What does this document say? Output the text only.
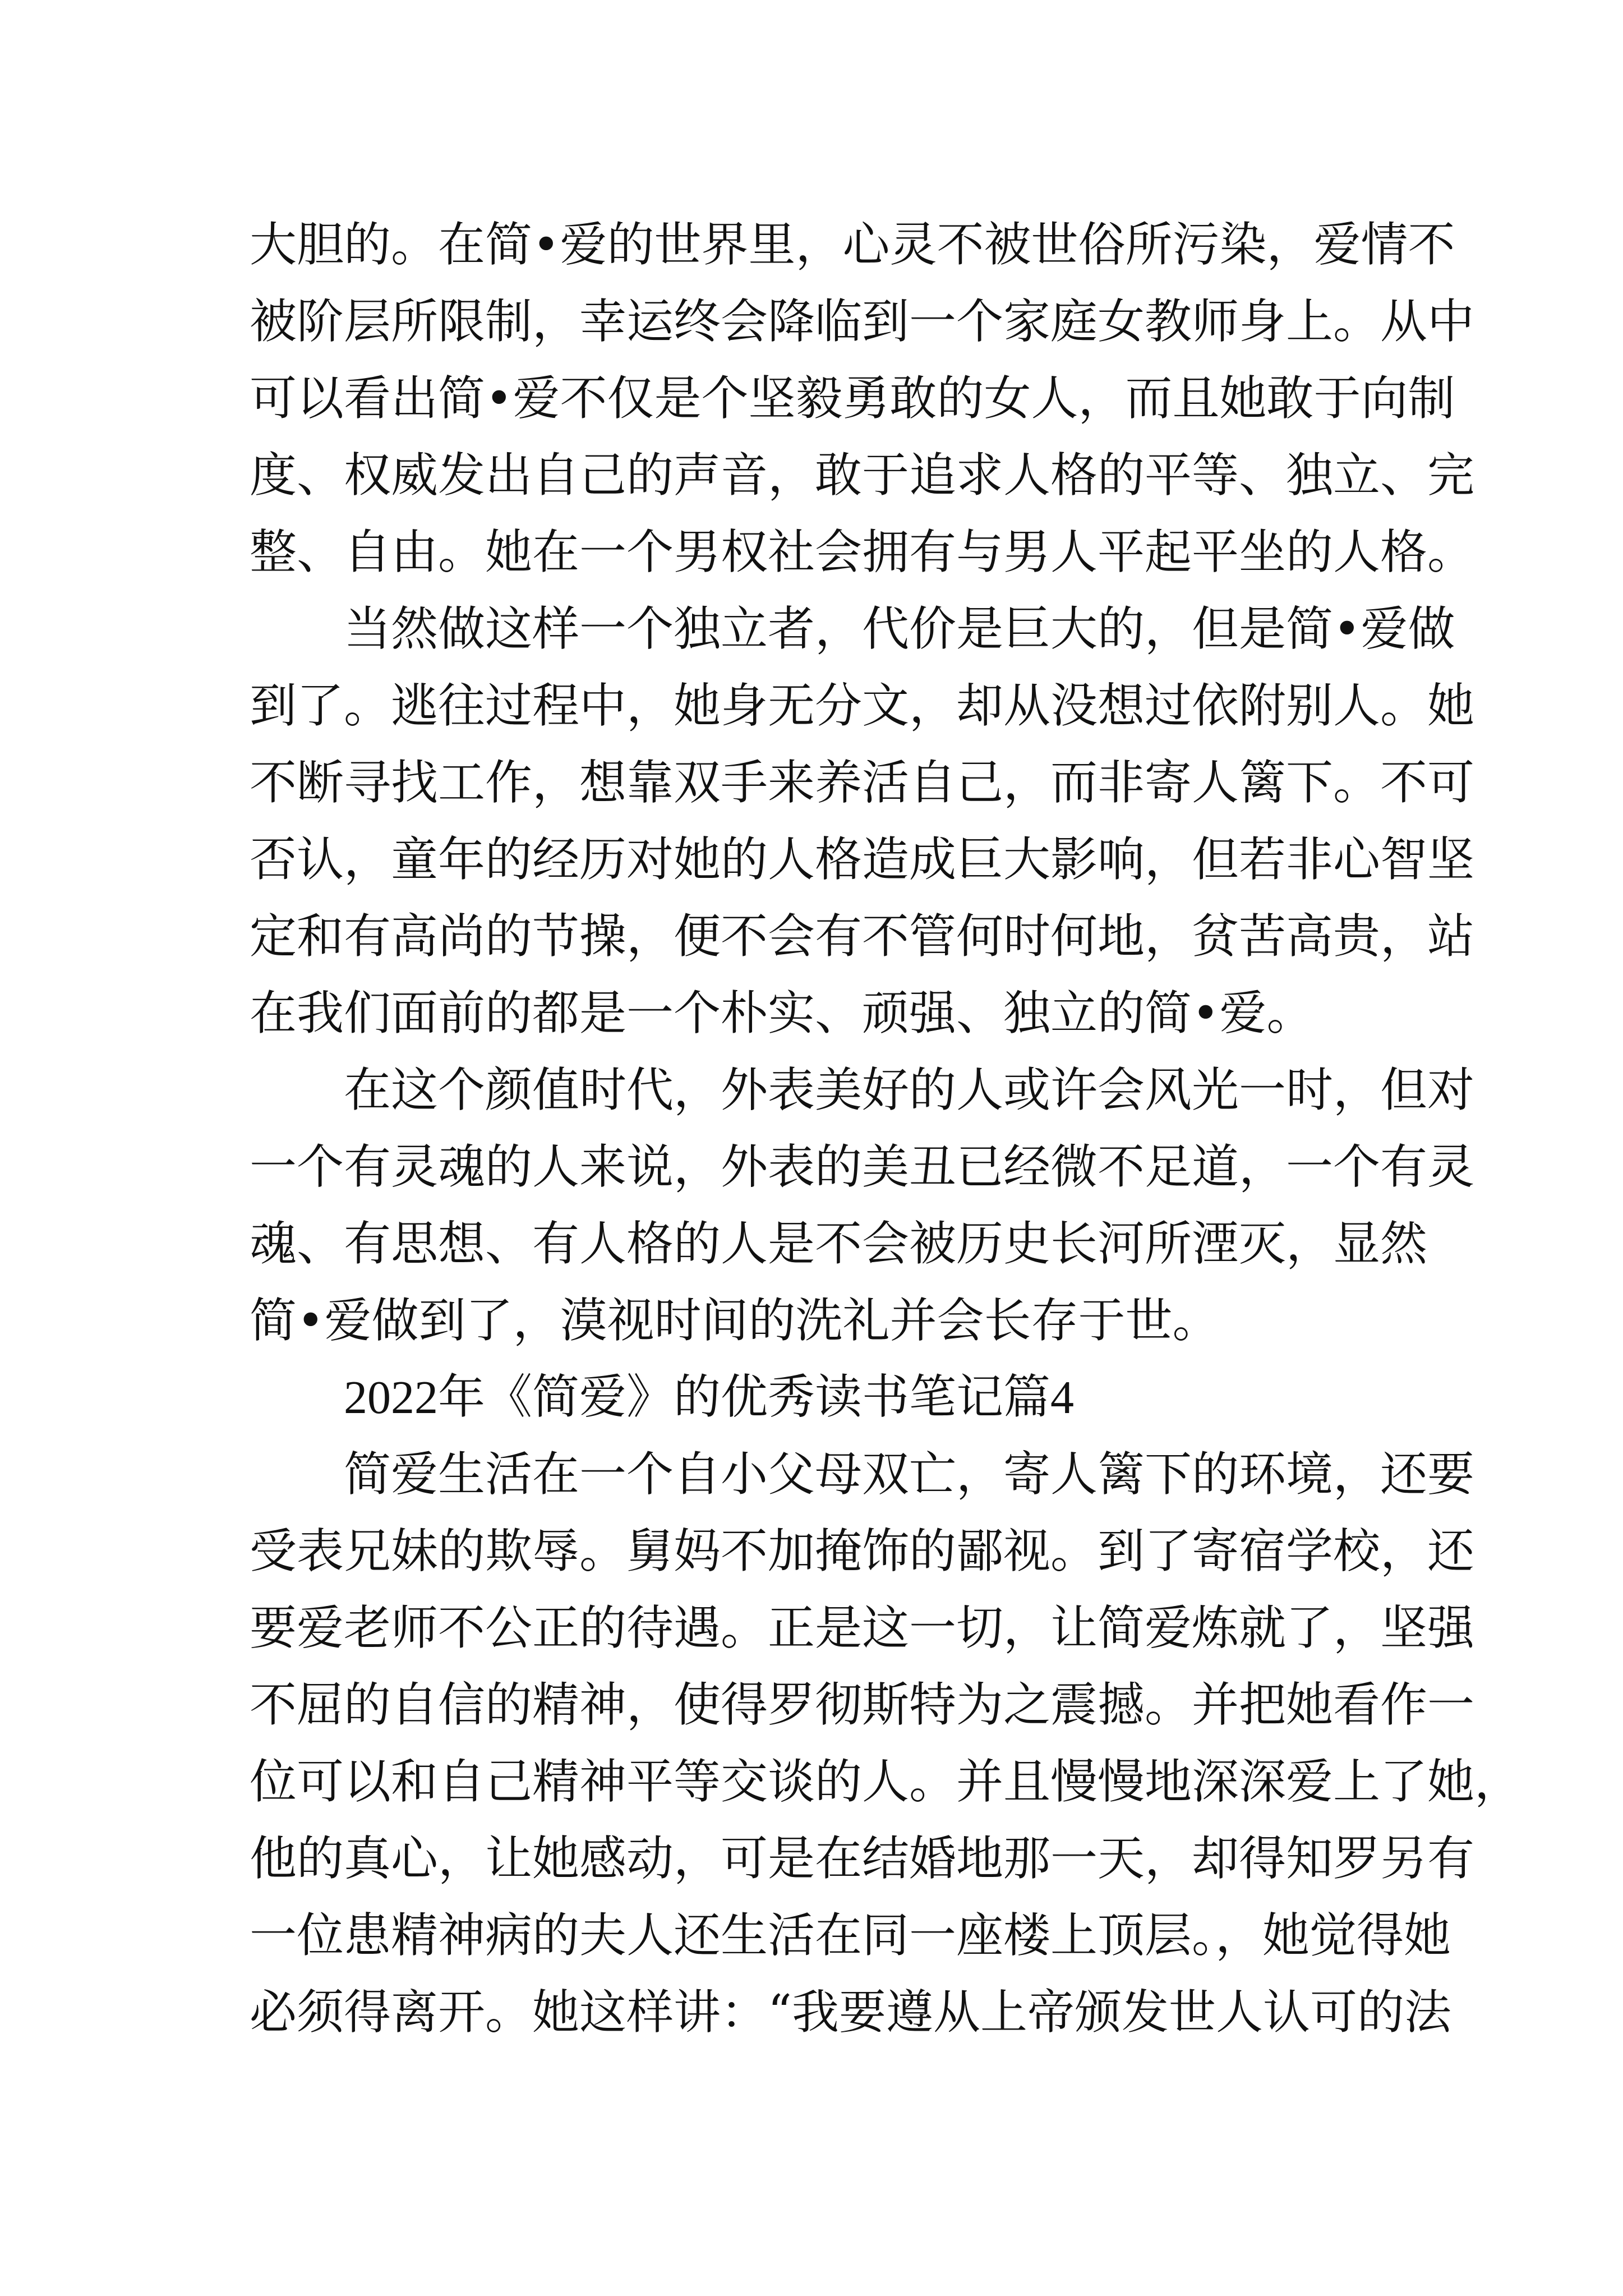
大胆的。在简•爱的世界里，心灵不被世俗所污染，爱情不
被阶层所限制，幸运终会降临到一个家庭女教师身上。从中
可以看出简•爱不仅是个坚毅勇敢的女人，而且她敢于向制
度、权威发出自己的声音，敢于追求人格的平等、独立、完
整、自由。她在一个男权社会拥有与男人平起平坐的人格。
当然做这样一个独立者，代价是巨大的，但是简•爱做
到了。逃往过程中，她身无分文，却从没想过依附别人。她
不断寻找工作，想靠双手来养活自己，而非寄人篱下。不可
否认，童年的经历对她的人格造成巨大影响，但若非心智坚
定和有高尚的节操，便不会有不管何时何地，贫苦高贵，站
在我们面前的都是一个朴实、顽强、独立的简•爱。
在这个颜值时代，外表美好的人或许会风光一时，但对
一个有灵魂的人来说，外表的美丑已经微不足道，一个有灵
魂、有思想、有人格的人是不会被历史长河所湮灭，显然
简•爱做到了，漠视时间的洗礼并会长存于世。
2022年《简爱》的优秀读书笔记篇4
简爱生活在一个自小父母双亡，寄人篱下的环境，还要
受表兄妹的欺辱。舅妈不加掩饰的鄙视。到了寄宿学校，还
要爱老师不公正的待遇。正是这一切，让简爱炼就了，坚强
不屈的自信的精神，使得罗彻斯特为之震撼。并把她看作一
位可以和自己精神平等交谈的人。并且慢慢地深深爱上了她，
他的真心，让她感动，可是在结婚地那一天，却得知罗另有
一位患精神病的夫人还生活在同一座楼上顶层。，她觉得她
必须得离开。她这样讲：“我要遵从上帝颁发世人认可的法
